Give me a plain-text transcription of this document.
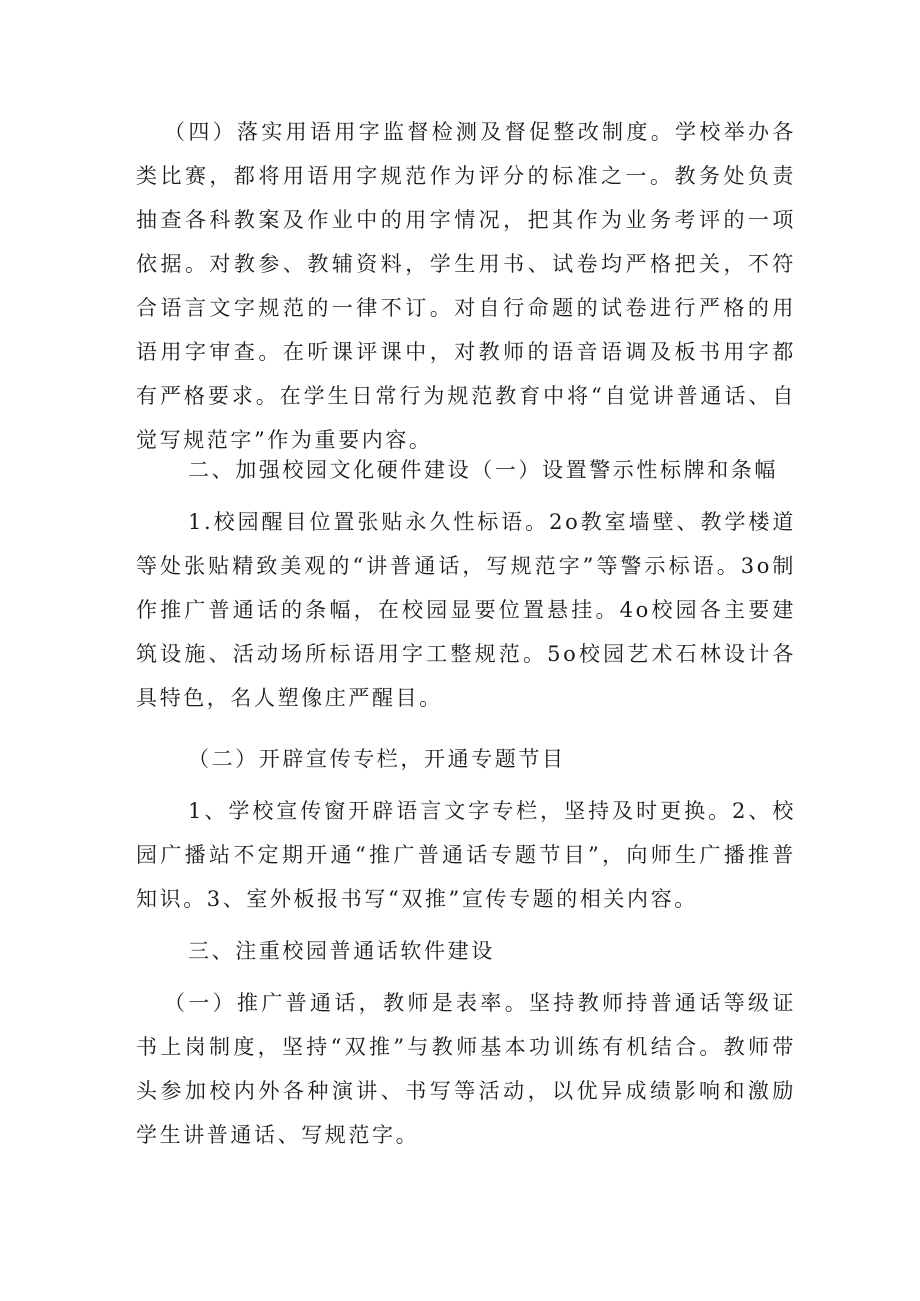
（四）落实用语用字监督检测及督促整改制度。学校举办各类比赛，都将用语用字规范作为评分的标准之一。教务处负责抽查各科教案及作业中的用字情况，把其作为业务考评的一项依据。对教参、教辅资料，学生用书、试卷均严格把关，不符合语言文字规范的一律不订。对自行命题的试卷进行严格的用语用字审查。在听课评课中，对教师的语音语调及板书用字都有严格要求。在学生日常行为规范教育中将“自觉讲普通话、自觉写规范字”作为重要内容。

二、加强校园文化硬件建设（一）设置警示性标牌和条幅

1.校园醒目位置张贴永久性标语。2o教室墙壁、教学楼道等处张贴精致美观的“讲普通话，写规范字”等警示标语。3o制作推广普通话的条幅，在校园显要位置悬挂。4o校园各主要建筑设施、活动场所标语用字工整规范。5o校园艺术石林设计各具特色，名人塑像庄严醒目。

（二）开辟宣传专栏，开通专题节目

1、学校宣传窗开辟语言文字专栏，坚持及时更换。2、校园广播站不定期开通“推广普通话专题节目”，向师生广播推普知识。3、室外板报书写“双推”宣传专题的相关内容。

三、注重校园普通话软件建设

（一）推广普通话，教师是表率。坚持教师持普通话等级证书上岗制度，坚持“双推”与教师基本功训练有机结合。教师带头参加校内外各种演讲、书写等活动，以优异成绩影响和激励学生讲普通话、写规范字。
